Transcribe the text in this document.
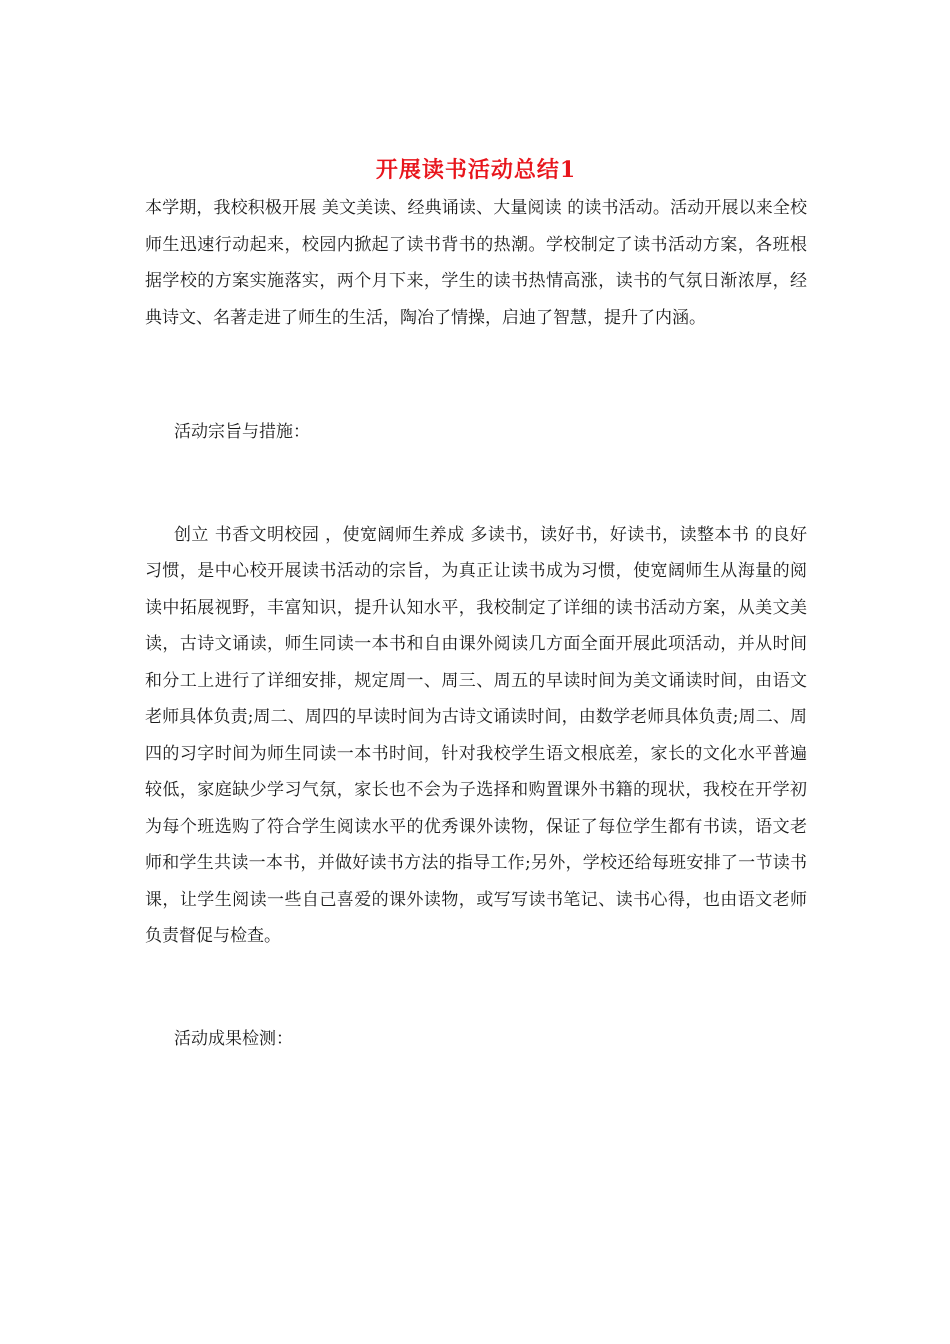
开展读书活动总结1

本学期，我校积极开展 美文美读、经典诵读、大量阅读 的读书活动。活动开展以来全校师生迅速行动起来，校园内掀起了读书背书的热潮。学校制定了读书活动方案，各班根据学校的方案实施落实，两个月下来，学生的读书热情高涨，读书的气氛日渐浓厚，经典诗文、名著走进了师生的生活，陶冶了情操，启迪了智慧，提升了内涵。

活动宗旨与措施：

创立 书香文明校园 ，使宽阔师生养成 多读书，读好书，好读书，读整本书 的良好习惯，是中心校开展读书活动的宗旨，为真正让读书成为习惯，使宽阔师生从海量的阅读中拓展视野，丰富知识，提升认知水平，我校制定了详细的读书活动方案，从美文美读，古诗文诵读，师生同读一本书和自由课外阅读几方面全面开展此项活动，并从时间和分工上进行了详细安排，规定周一、周三、周五的早读时间为美文诵读时间，由语文老师具体负责;周二、周四的早读时间为古诗文诵读时间，由数学老师具体负责;周二、周四的习字时间为师生同读一本书时间，针对我校学生语文根底差，家长的文化水平普遍较低，家庭缺少学习气氛，家长也不会为子选择和购置课外书籍的现状，我校在开学初为每个班选购了符合学生阅读水平的优秀课外读物，保证了每位学生都有书读，语文老师和学生共读一本书，并做好读书方法的指导工作;另外，学校还给每班安排了一节读书课，让学生阅读一些自己喜爱的课外读物，或写写读书笔记、读书心得，也由语文老师负责督促与检查。

活动成果检测：
